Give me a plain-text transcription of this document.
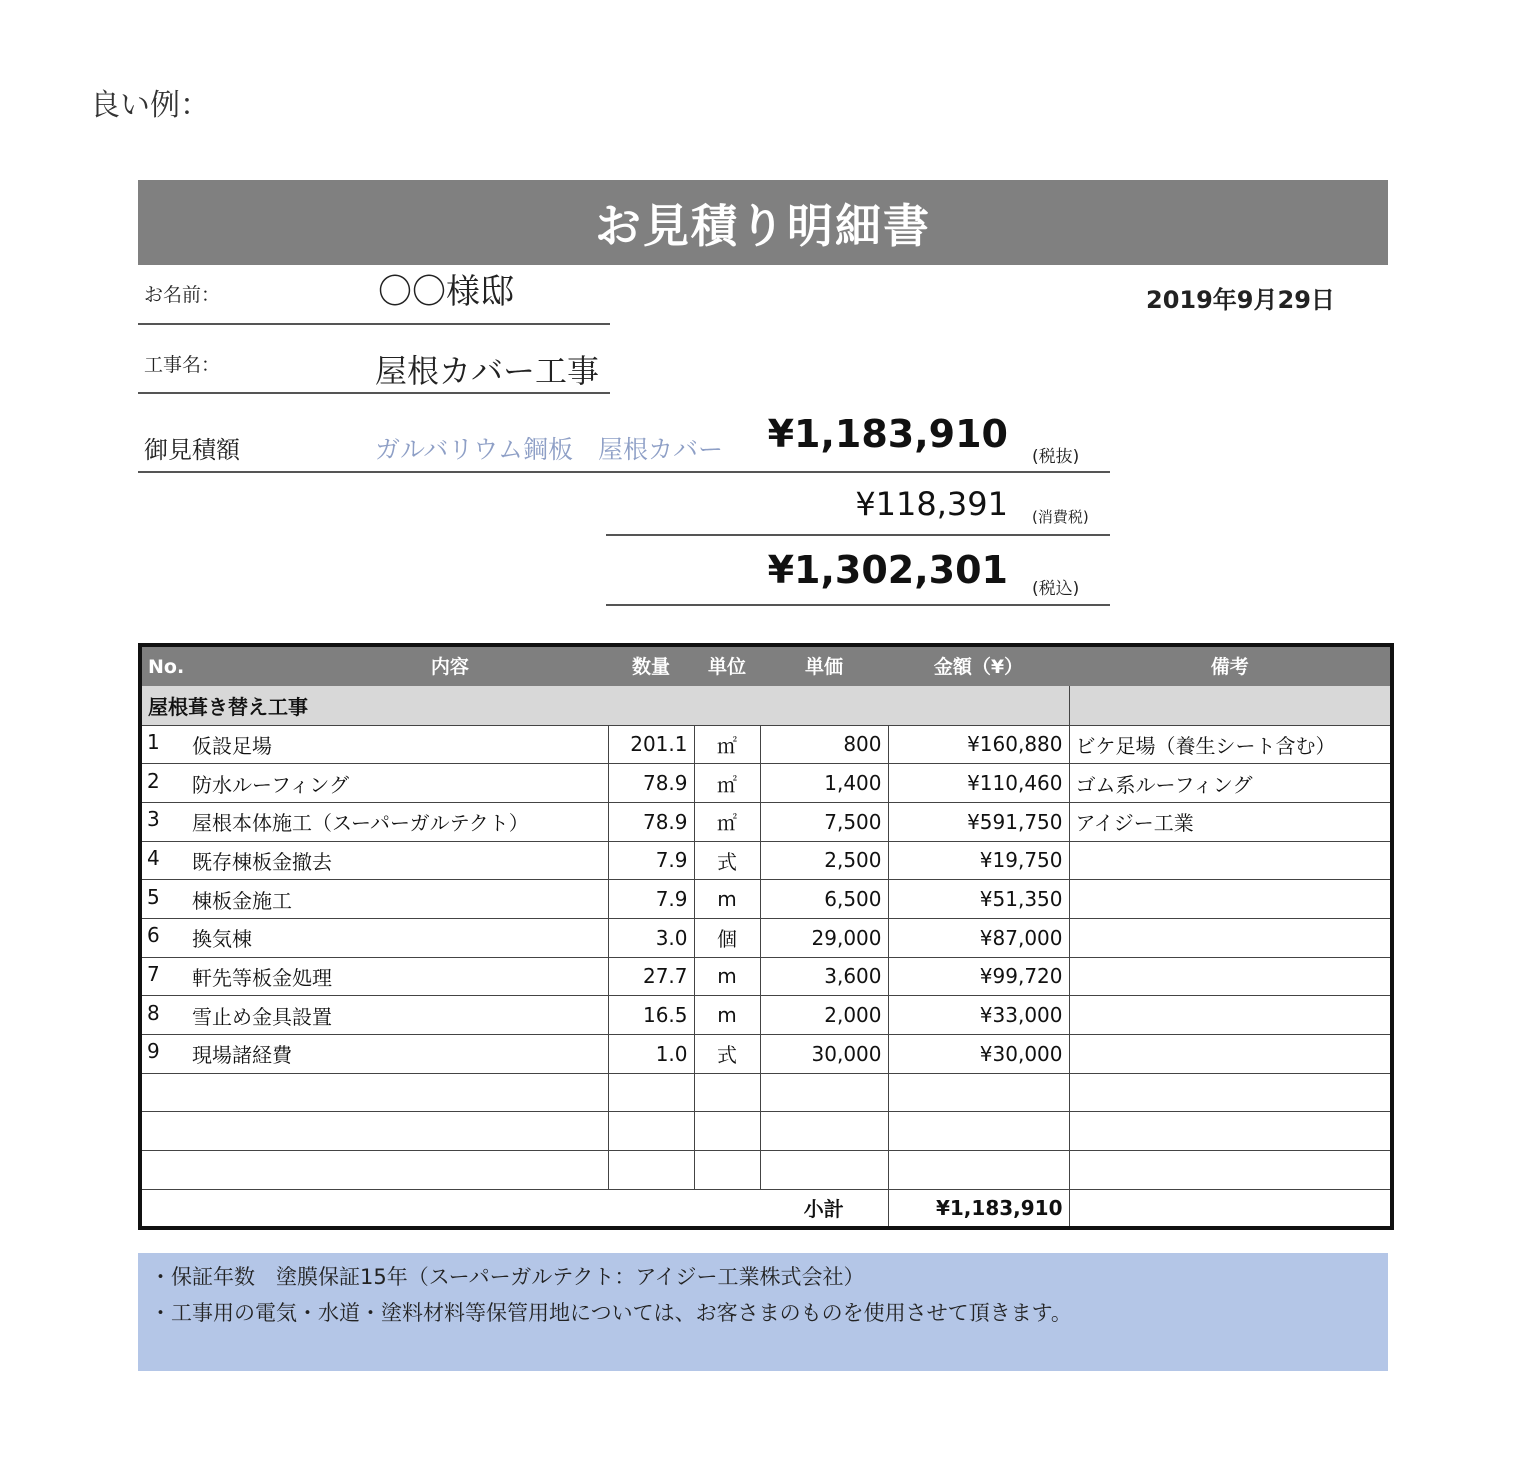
良い例：
お見積り明細書
お名前：	〇〇様邸	2019年9月29日
工事名：	屋根カバー工事
御見積額	ガルバリウム鋼板　屋根カバー	¥1,183,910
(税抜)
¥118,391 (消費税)
¥1,302,301 (税込)
No. 内容	数量	単位	単価	金額（¥）	備考
屋根葺き替え工事					

1 仮設足場	201.1	㎡	800	¥160,880	ビケ足場（養生シート含む）

2 防水ルーフィング	78.9	㎡	1,400	¥110,460	ゴム系ルーフィング

3 屋根本体施工（スーパーガルテクト）	78.9	㎡	7,500	¥591,750	アイジー工業

4 既存棟板金撤去	7.9	式	2,500	¥19,750	

5 棟板金施工	7.9	m	6,500	¥51,350	

6 換気棟	3.0	個	29,000	¥87,000	

7 軒先等板金処理	27.7	m	3,600	¥99,720	

8 雪止め金具設置	16.5	m	2,000	¥33,000	

9 現場諸経費	1.0	式	30,000	¥30,000	

			小計	¥1,183,910	
・保証年数　塗膜保証15年（スーパーガルテクト：アイジー工業株式会社）
・工事用の電気・水道・塗料材料等保管用地については、お客さまのものを使用させて頂きます。
